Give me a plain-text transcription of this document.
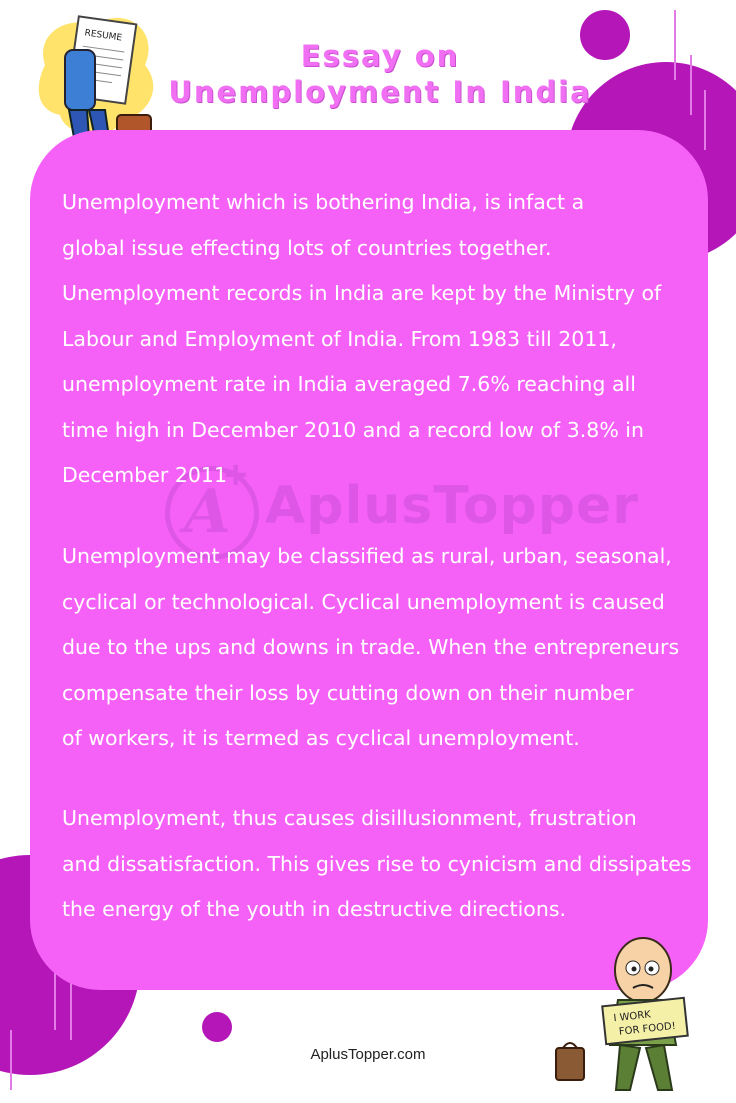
RESUME
Essay on
Unemployment In India
A
+
AplusTopper

Unemployment which is bothering India, is infact a
global issue effecting lots of countries together.
Unemployment records in India are kept by the Ministry of
Labour and Employment of India. From 1983 till 2011,
unemployment rate in India averaged 7.6% reaching all
time high in December 2010 and a record low of 3.8% in
December 2011

Unemployment may be classified as rural, urban, seasonal,
cyclical or technological. Cyclical unemployment is caused
due to the ups and downs in trade. When the entrepreneurs
compensate their loss by cutting down on their number
of workers, it is termed as cyclical unemployment.

Unemployment, thus causes disillusionment, frustration
and dissatisfaction. This gives rise to cynicism and dissipates
the energy of the youth in destructive directions.

I WORK
FOR FOOD!
AplusTopper.com
